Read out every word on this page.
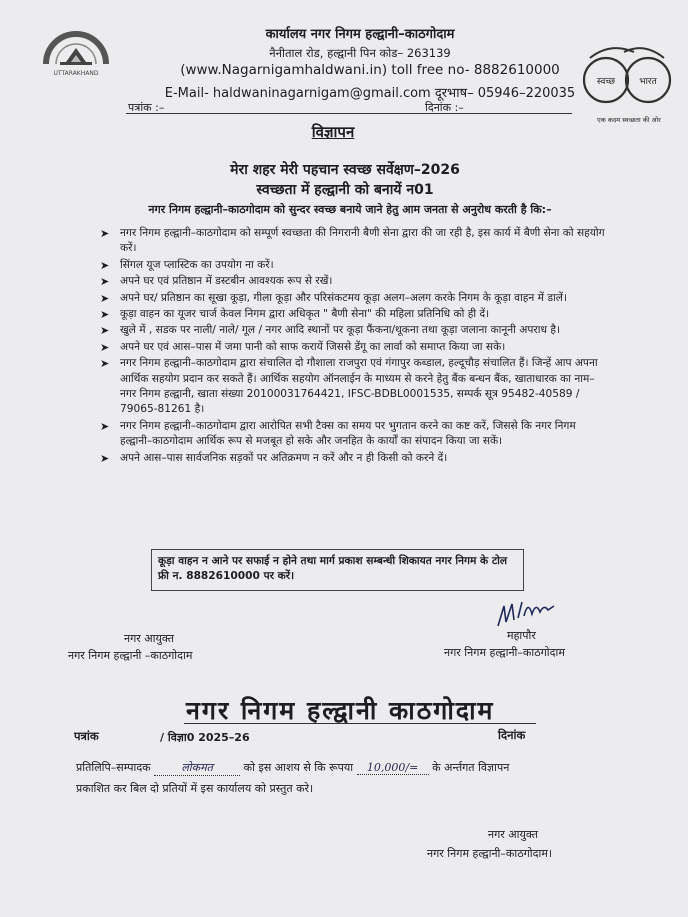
UTTARAKHAND
कार्यालय नगर निगम हल्द्वानी–काठगोदाम
नैनीताल रोड, हल्द्वानी पिन कोड– 263139
(www.Nagarnigamhaldwani.in) toll free no- 8882610000
E-Mail- haldwaninagarnigam@gmail.com दूरभाष– 05946–220035
पत्रांक :–	दिनांक :–
स्वच्छ	भारत
एक कदम स्वच्छता की ओर
विज्ञापन
मेरा शहर मेरी पहचान स्वच्छ सर्वेक्षण–2026
स्वच्छता में हल्द्वानी को बनायें न01
नगर निगम हल्द्वानी–काठगोदाम को सुन्दर स्वच्छ बनाये जाने हेतु आम जनता से अनुरोध करती है कि:–
➤ नगर निगम हल्द्वानी–काठगोदाम को सम्पूर्ण स्वच्छता की निगरानी बैणी सेना द्वारा की जा रही है, इस कार्य में बैणी सेना को सहयोग करें।
➤ सिंगल यूज प्लास्टिक का उपयोग ना करें।
➤ अपने घर एवं प्रतिष्ठान में डस्टबीन आवश्यक रूप से रखें।
➤ अपने घर/ प्रतिष्ठान का सूखा कूड़ा, गीला कूड़ा और परिसंकटमय कूड़ा अलग–अलग करके निगम के कूड़ा वाहन में डालें।
➤ कूड़ा वाहन का यूजर चार्ज केवल निगम द्वारा अधिकृत " बैणी सेना" की महिला प्रतिनिधि को ही दें।
➤ खुले में , सडक पर नाली/ नाले/ गूल / नगर आदि स्थानों पर कूड़ा फैंकना/थूकना तथा कूड़ा जलाना कानूनी अपराध है।
➤ अपने घर एवं आस–पास में जमा पानी को साफ करायें जिससे डेंगू का लार्वा को समाप्त किया जा सके।
➤ नगर निगम हल्द्वानी–काठगोदाम द्वारा संचालित दो गौशाला राजपुरा एवं गंगापुर कब्डाल, हल्दूचौड़ संचालित हैं। जिन्हें आप अपना आर्थिक सहयोग प्रदान कर सकते हैं। आर्थिक सहयोग ऑनलाईन के माध्यम से करने हेतु बैंक बन्धन बैंक, खाताधारक का नाम– नगर निगम हल्द्वानी, खाता संख्या 20100031764421, IFSC-BDBL0001535, सम्पर्क सूत्र 95482-40589 / 79065-81261 है।
➤ नगर निगम हल्द्वानी–काठगोदाम द्वारा आरोपित सभी टैक्स का समय पर भुगतान करने का कष्ट करें, जिससे कि नगर निगम हल्द्वानी–काठगोदाम आर्थिक रूप से मजबूत हो सके और जनहित के कार्यों का संपादन किया जा सकें।
➤ अपने आस–पास सार्वजनिक सड़कों पर अतिक्रमण न करें और न ही किसी को करने दें।
कूड़ा वाहन न आने पर सफाई न होने तथा मार्ग प्रकाश सम्बन्धी शिकायत नगर निगम के टोल फ्री न. 8882610000 पर करें।
नगर आयुक्त
नगर निगम हल्द्वानी –काठगोदाम
महापौर
नगर निगम हल्द्वानी–काठगोदाम
नगर निगम हल्द्वानी काठगोदाम
पत्रांक	/ विज्ञा0 2025–26	दिनांक
प्रतिलिपि–सम्पादक	लोकमत	को इस आशय से कि रूपया 10,000/= के अर्न्तगत विज्ञापन
प्रकाशित कर बिल दो प्रतियों में इस कार्यालय को प्रस्तुत करे।
नगर आयुक्त
नगर निगम हल्द्वानी–काठगोदाम।
